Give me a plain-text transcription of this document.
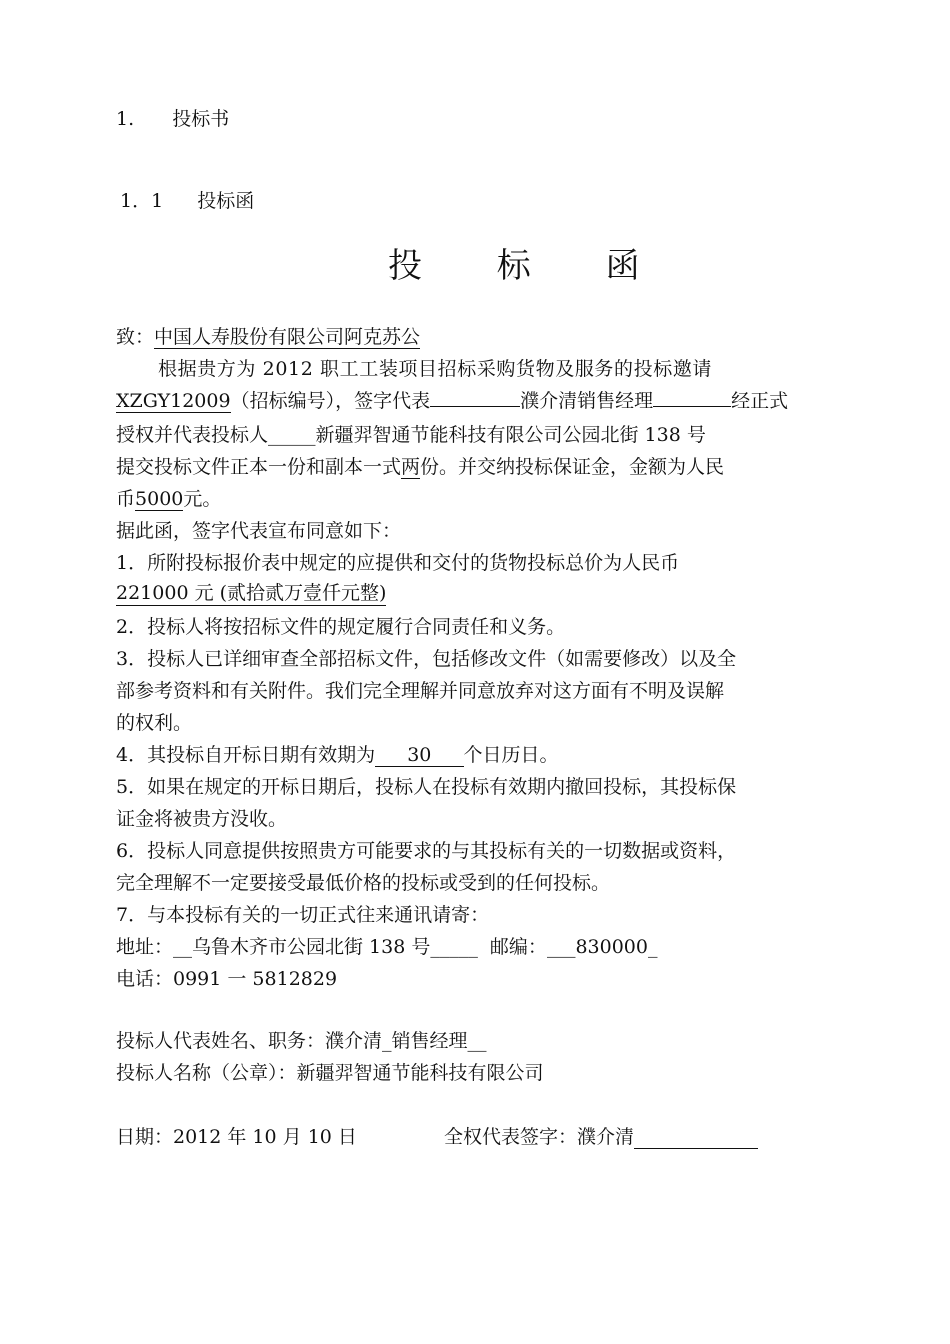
1. 投标书
1．1 投标函
投 标 函
致：中国人寿股份有限公司阿克苏公
根据贵方为 2012 职工工装项目招标采购货物及服务的投标邀请
XZGY12009（招标编号），签字代表	濮介清销售经理	经正式
授权并代表投标人_____新疆羿智通节能科技有限公司公园北街 138 号
提交投标文件正本一份和副本一式两份。并交纳投标保证金，金额为人民
币5000元。
据此函，签字代表宣布同意如下：
1．所附投标报价表中规定的应提供和交付的货物投标总价为人民币
221000 元 (贰拾贰万壹仟元整)
2．投标人将按招标文件的规定履行合同责任和义务。
3．投标人已详细审查全部招标文件，包括修改文件（如需要修改）以及全
部参考资料和有关附件。我们完全理解并同意放弃对这方面有不明及误解
的权利。
4．其投标自开标日期有效期为   30   个日历日。
5．如果在规定的开标日期后，投标人在投标有效期内撤回投标，其投标保
证金将被贵方没收。
6．投标人同意提供按照贵方可能要求的与其投标有关的一切数据或资料，
完全理解不一定要接受最低价格的投标或受到的任何投标。
7．与本投标有关的一切正式往来通讯请寄：
地址：__乌鲁木齐市公园北街 138 号_____ 邮编：___830000_
电话：0991 一 5812829
投标人代表姓名、职务：濮介清_销售经理__
投标人名称（公章）：新疆羿智通节能科技有限公司
日期：2012 年 10 月 10 日	全权代表签字：濮介清
